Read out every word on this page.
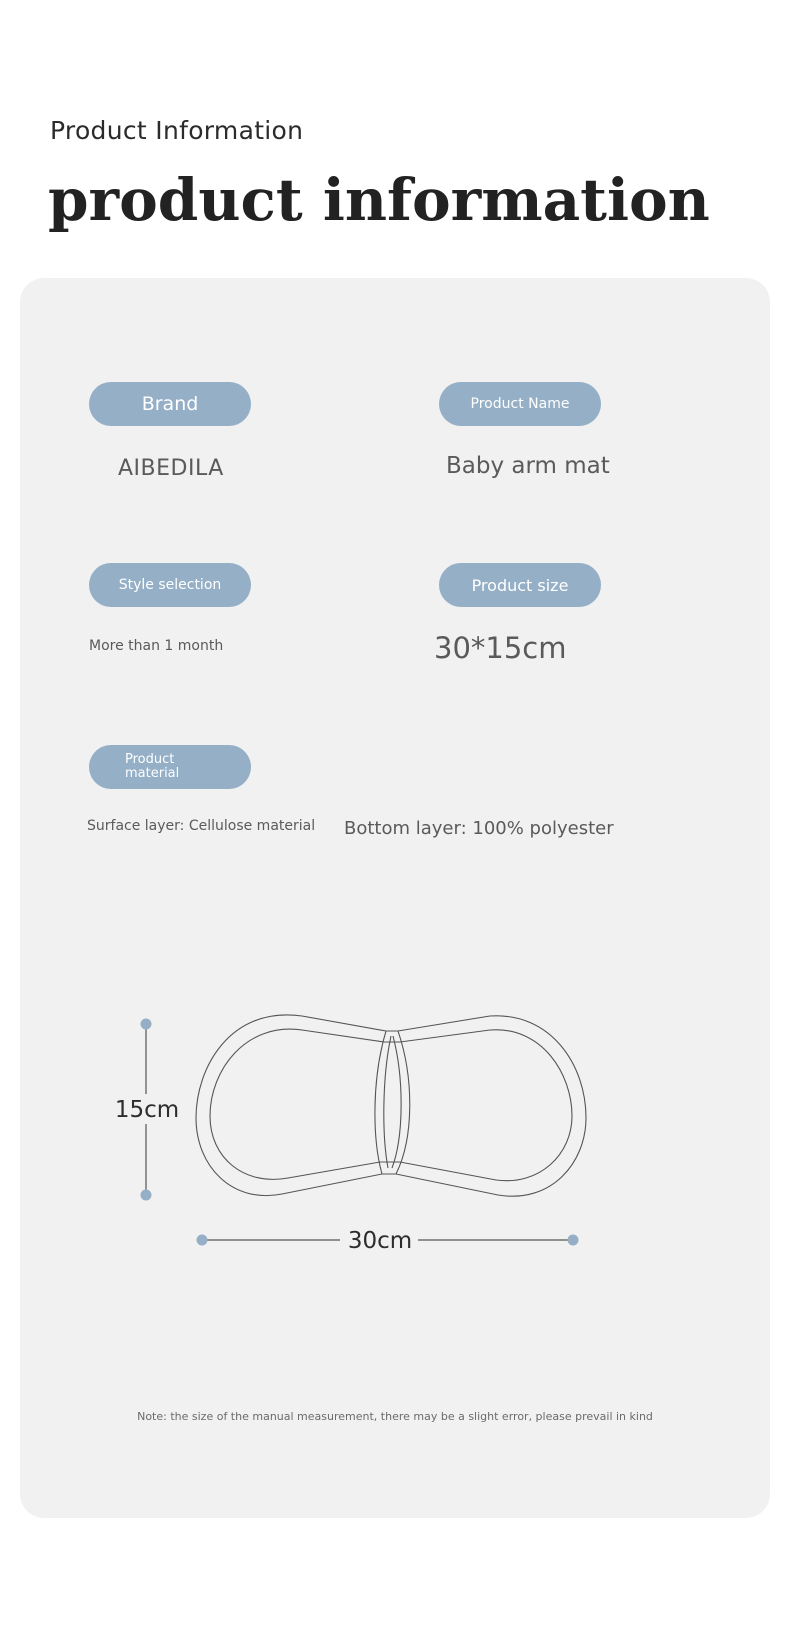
Product Information
product information
Brand
AIBEDILA
Product Name
Baby arm mat
Style selection
More than 1 month
Product size
30*15cm
Product
material
Surface layer: Cellulose material Bottom layer: 100% polyester
15cm
30cm
Note: the size of the manual measurement, there may be a slight error, please prevail in kind
